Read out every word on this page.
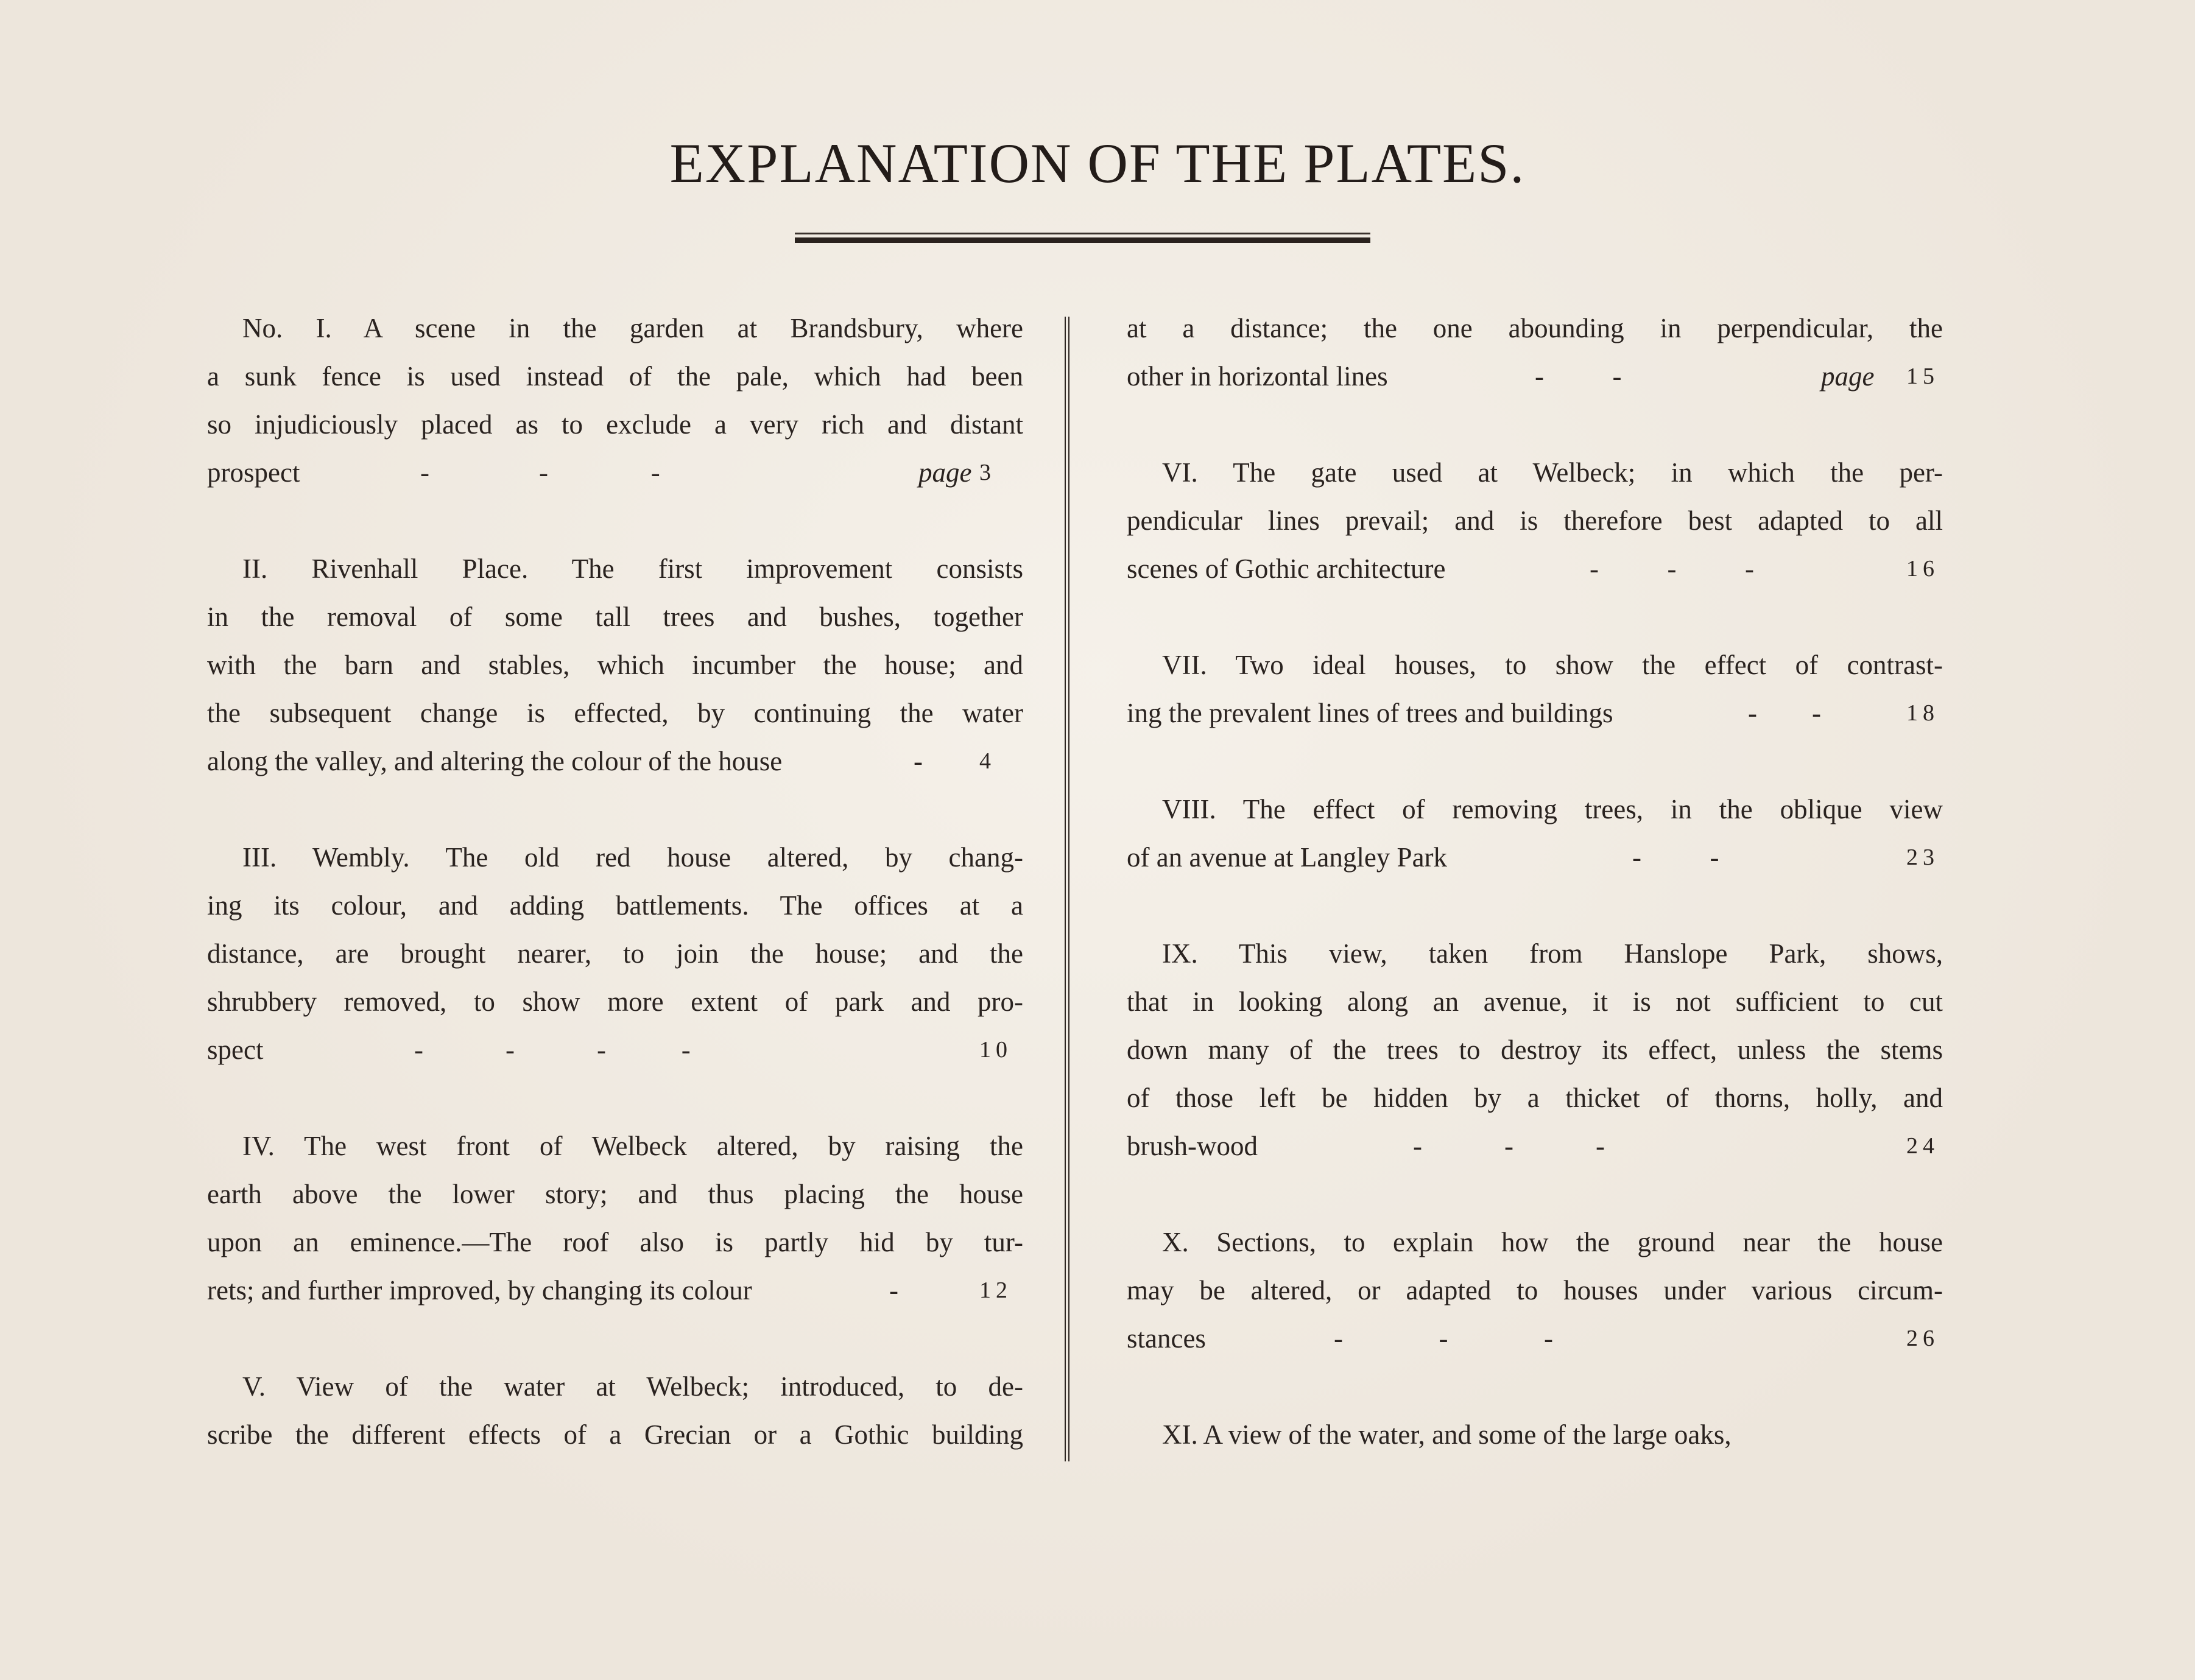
EXPLANATION OF THE PLATES.
No. I. A scene in the garden at Brandsbury, where
a sunk fence is used instead of the pale, which had been
so injudiciously placed as to exclude a very rich and distant
prospect	-                -               -	page 3
II. Rivenhall Place. The first improvement consists
in the removal of some tall trees and bushes, together
with the barn and stables, which incumber the house; and
the subsequent change is effected, by continuing the water
along the valley, and altering the colour of the house	- 4
III. Wembly. The old red house altered, by chang-
ing its colour, and adding battlements. The offices at a
distance, are brought nearer, to join the house; and the
shrubbery removed, to show more extent of park and pro-
spect	-            -            -           -	10
IV. The west front of Welbeck altered, by raising the
earth above the lower story; and thus placing the house
upon an eminence.—The roof also is partly hid by tur-
rets; and further improved, by changing its colour	-	12
V. View of the water at Welbeck; introduced, to de-
scribe the different effects of a Grecian or a Gothic building
at a distance; the one abounding in perpendicular, the
other in horizontal lines	-          -	page 15
VI. The gate used at Welbeck; in which the per-
pendicular lines prevail; and is therefore best adapted to all
scenes of Gothic architecture	-          -          -	16
VII. Two ideal houses, to show the effect of contrast-
ing the prevalent lines of trees and buildings	-        -	18
VIII. The effect of removing trees, in the oblique view
of an avenue at Langley Park	-          -	23
IX. This view, taken from Hanslope Park, shows,
that in looking along an avenue, it is not sufficient to cut
down many of the trees to destroy its effect, unless the stems
of those left be hidden by a thicket of thorns, holly, and
brush-wood	-            -            -	24
X. Sections, to explain how the ground near the house
may be altered, or adapted to houses under various circum-
stances	-              -              -	26
XI. A view of the water, and some of the large oaks,
